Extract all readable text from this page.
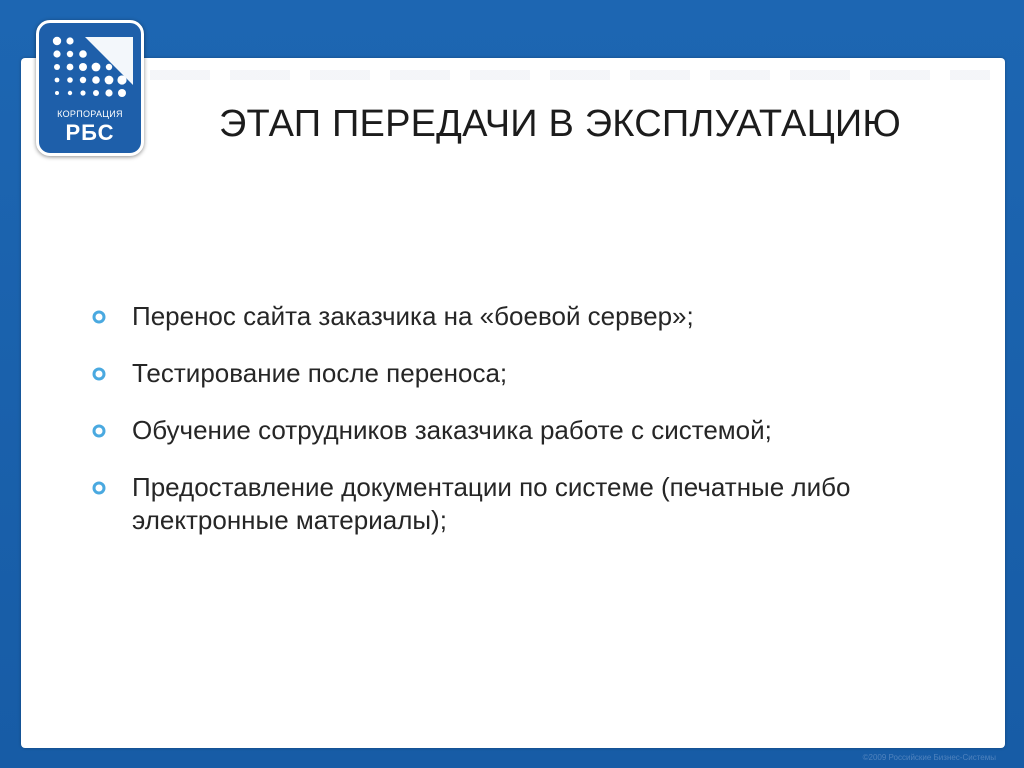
КОРПОРАЦИЯ
РБС	ЭТАП ПЕРЕДАЧИ В ЭКСПЛУАТАЦИЮ
Перенос сайта заказчика на «боевой сервер»;
Тестирование после переноса;
Обучение сотрудников заказчика работе с системой;
Предоставление документации по системе (печатные либо электронные материалы);
©2009 Российские Бизнес-Системы
